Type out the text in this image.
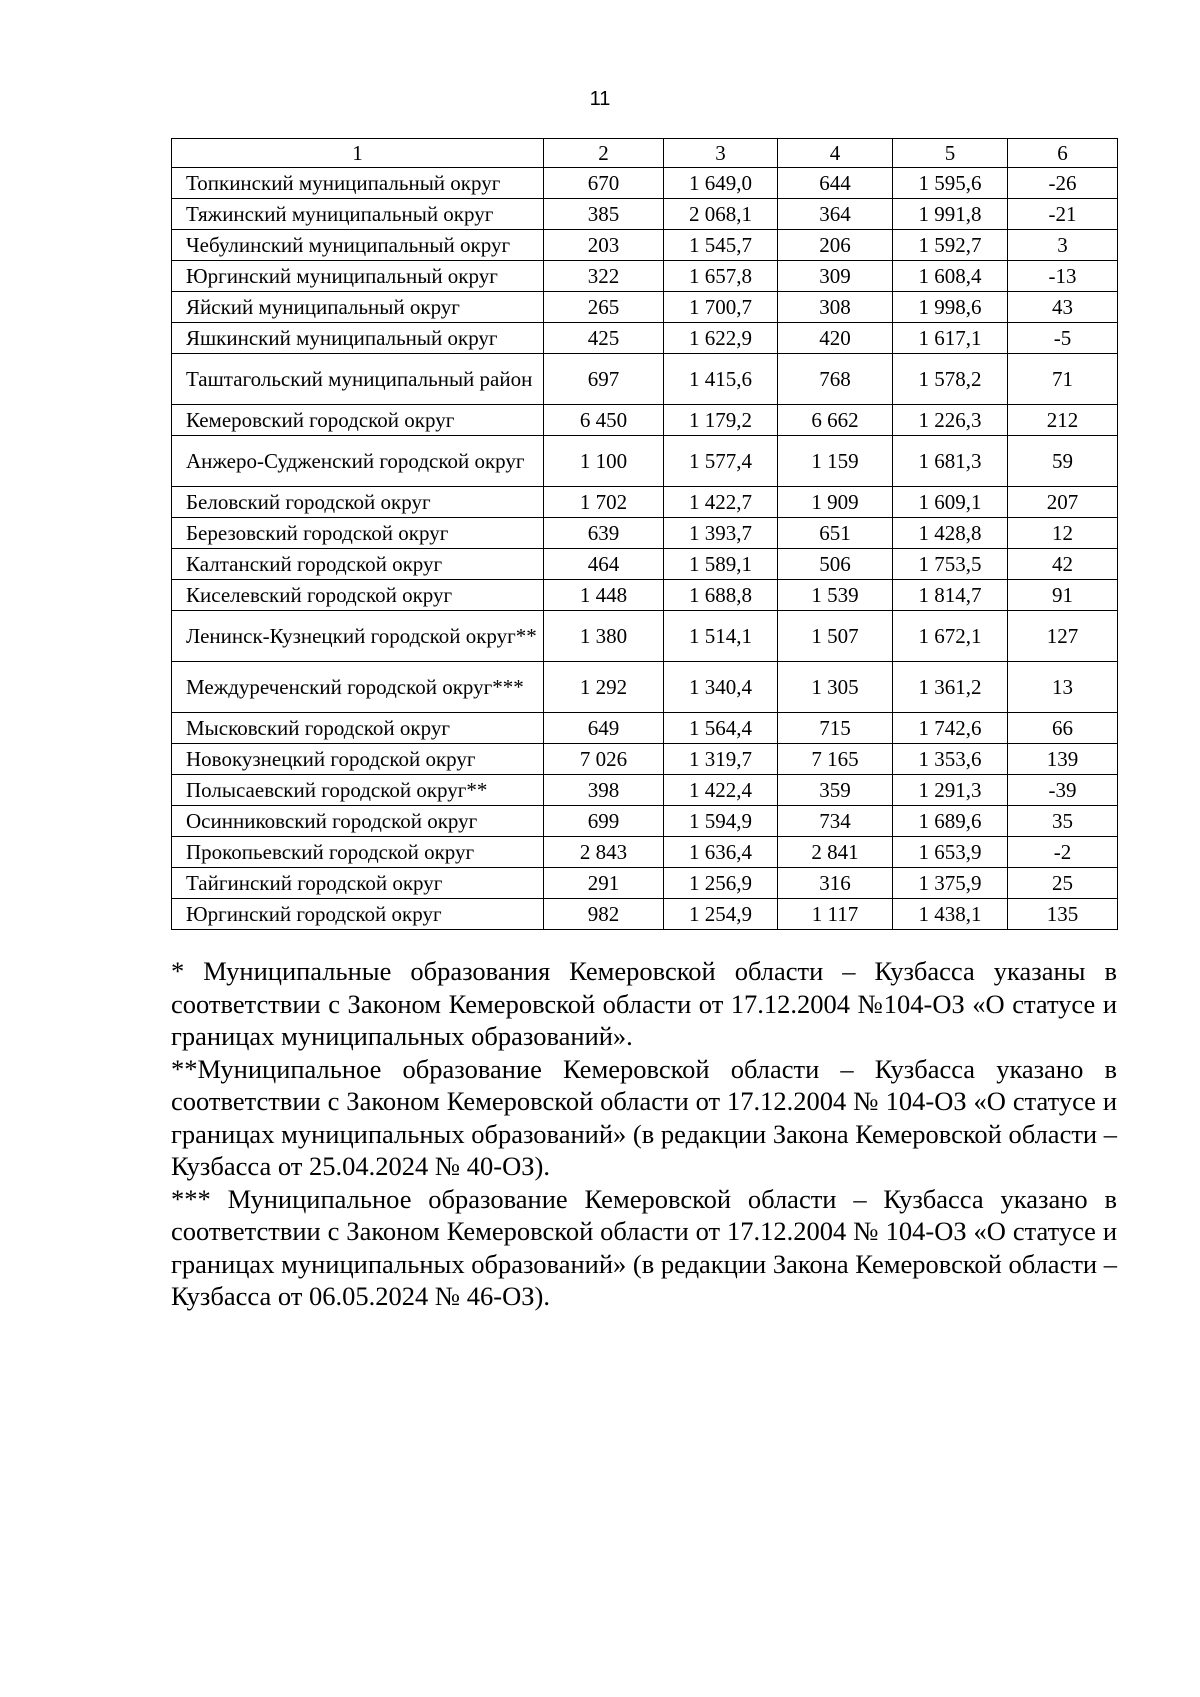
11
1	2	3	4	5	6
Топкинский муниципальный округ	670	1 649,0	644	1 595,6	-26
Тяжинский муниципальный округ	385	2 068,1	364	1 991,8	-21
Чебулинский муниципальный округ	203	1 545,7	206	1 592,7	3
Юргинский муниципальный округ	322	1 657,8	309	1 608,4	-13
Яйский муниципальный округ	265	1 700,7	308	1 998,6	43
Яшкинский муниципальный округ	425	1 622,9	420	1 617,1	-5
Таштагольский муниципальный район	697	1 415,6	768	1 578,2	71
Кемеровский городской округ	6 450	1 179,2	6 662	1 226,3	212
Анжеро-Судженский городской округ	1 100	1 577,4	1 159	1 681,3	59
Беловский городской округ	1 702	1 422,7	1 909	1 609,1	207
Березовский городской округ	639	1 393,7	651	1 428,8	12
Калтанский городской округ	464	1 589,1	506	1 753,5	42
Киселевский городской округ	1 448	1 688,8	1 539	1 814,7	91
Ленинск-Кузнецкий городской округ**	1 380	1 514,1	1 507	1 672,1	127
Междуреченский городской округ***	1 292	1 340,4	1 305	1 361,2	13
Мысковский городской округ	649	1 564,4	715	1 742,6	66
Новокузнецкий городской округ	7 026	1 319,7	7 165	1 353,6	139
Полысаевский городской округ**	398	1 422,4	359	1 291,3	-39
Осинниковский городской округ	699	1 594,9	734	1 689,6	35
Прокопьевский городской округ	2 843	1 636,4	2 841	1 653,9	-2
Тайгинский городской округ	291	1 256,9	316	1 375,9	25
Юргинский городской округ	982	1 254,9	1 117	1 438,1	135

* Муниципальные образования Кемеровской области – Кузбасса указаны в соответствии с Законом Кемеровской области от 17.12.2004 №104-ОЗ «О статусе и границах муниципальных образований».

**Муниципальное образование Кемеровской области – Кузбасса указано в соответствии с Законом Кемеровской области от 17.12.2004 № 104-ОЗ «О статусе и границах муниципальных образований» (в редакции Закона Кемеровской области – Кузбасса от 25.04.2024 № 40-ОЗ).

*** Муниципальное образование Кемеровской области – Кузбасса указано в соответствии с Законом Кемеровской области от 17.12.2004 № 104-ОЗ «О статусе и границах муниципальных образований» (в редакции Закона Кемеровской области – Кузбасса от 06.05.2024 № 46-ОЗ).
